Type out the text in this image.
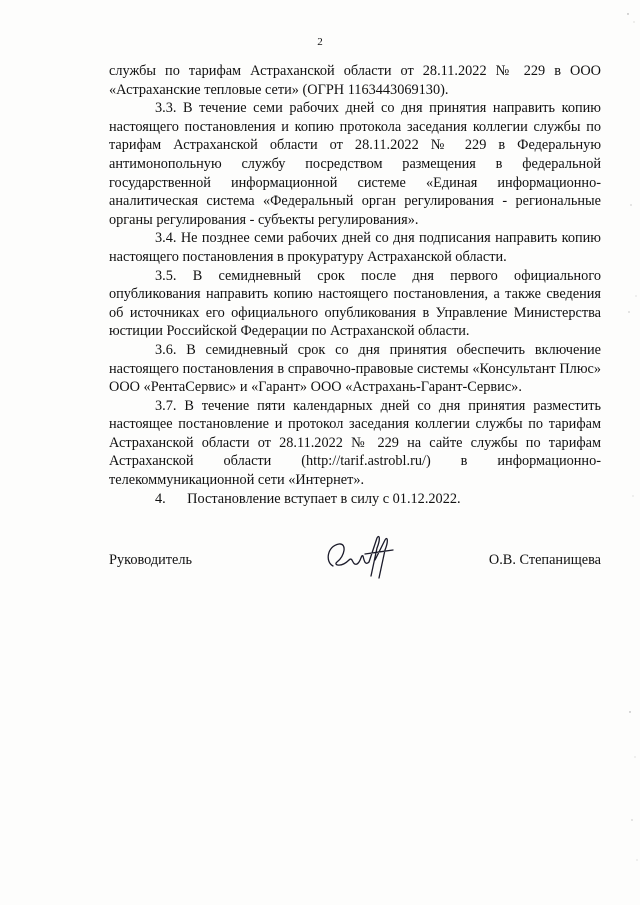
2

службы по тарифам Астраханской области от 28.11.2022 № 229 в ООО «Астраханские тепловые сети» (ОГРН 1163443069130).

3.3. В течение семи рабочих дней со дня принятия направить копию настоящего постановления и копию протокола заседания коллегии службы по тарифам Астраханской области от 28.11.2022 № 229 в Федеральную антимонопольную службу посредством размещения в федеральной государственной информационной системе «Единая информационно-аналитическая система «Федеральный орган регулирования - региональные органы регулирования - субъекты регулирования».

3.4. Не позднее семи рабочих дней со дня подписания направить копию настоящего постановления в прокуратуру Астраханской области.

3.5. В семидневный срок после дня первого официального опубликования направить копию настоящего постановления, а также сведения об источниках его официального опубликования в Управление Министерства юстиции Российской Федерации по Астраханской области.

3.6. В семидневный срок со дня принятия обеспечить включение настоящего постановления в справочно-правовые системы «Консультант Плюс» ООО «РентаСервис» и «Гарант» ООО «Астрахань-Гарант-Сервис».

3.7. В течение пяти календарных дней со дня принятия разместить настоящее постановление и протокол заседания коллегии службы по тарифам Астраханской области от 28.11.2022 № 229 на сайте службы по тарифам Астраханской области (http://tarif.astrobl.ru/) в информационно-телекоммуникационной сети «Интернет».

4.      Постановление вступает в силу с 01.12.2022.

Руководитель	О.В. Степанищева
